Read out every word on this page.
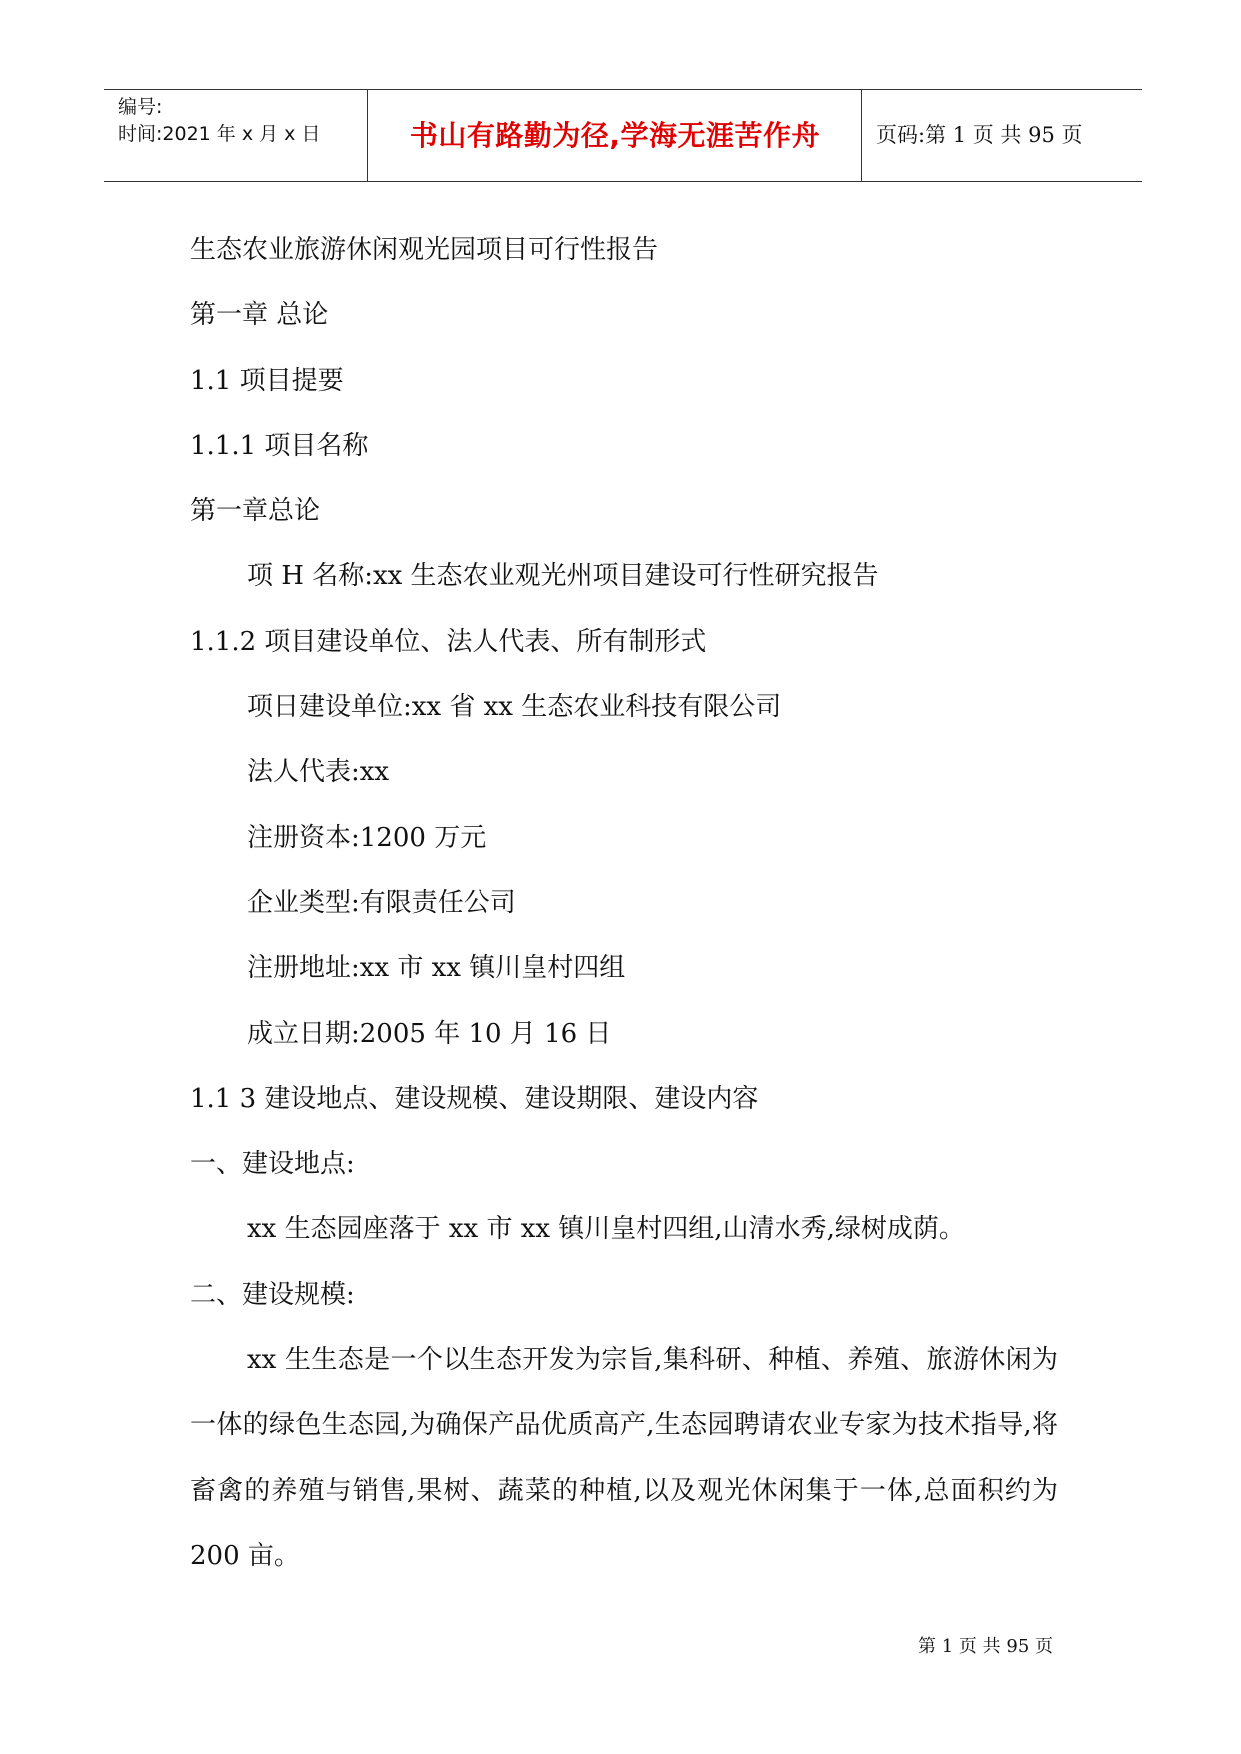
编号:
时间:2021 年 x 月 x 日	书山有路勤为径,学海无涯苦作舟	页码:第 1 页 共 95 页

生态农业旅游休闲观光园项目可行性报告

第一章 总论

1.1 项目提要

1.1.1 项目名称

第一章总论

项 H 名称:xx 生态农业观光州项目建设可行性研究报告

1.1.2 项目建设单位、法人代表、所有制形式

项日建设单位:xx 省 xx 生态农业科技有限公司

法人代表:xx

注册资本:1200 万元

企业类型:有限责任公司

注册地址:xx 市 xx 镇川皇村四组

成立日期:2005 年 10 月 16 日

1.1 3 建设地点、建设规模、建设期限、建设内容

一、建设地点:

xx 生态园座落于 xx 市 xx 镇川皇村四组,山清水秀,绿树成荫。

二、建设规模:

xx 生生态是一个以生态开发为宗旨,集科研、种植、养殖、旅游休闲为一体的绿色生态园,为确保产品优质高产,生态园聘请农业专家为技术指导,将畜禽的养殖与销售,果树、蔬菜的种植,以及观光休闲集于一体,总面积约为 200 亩。

第 1 页 共 95 页
